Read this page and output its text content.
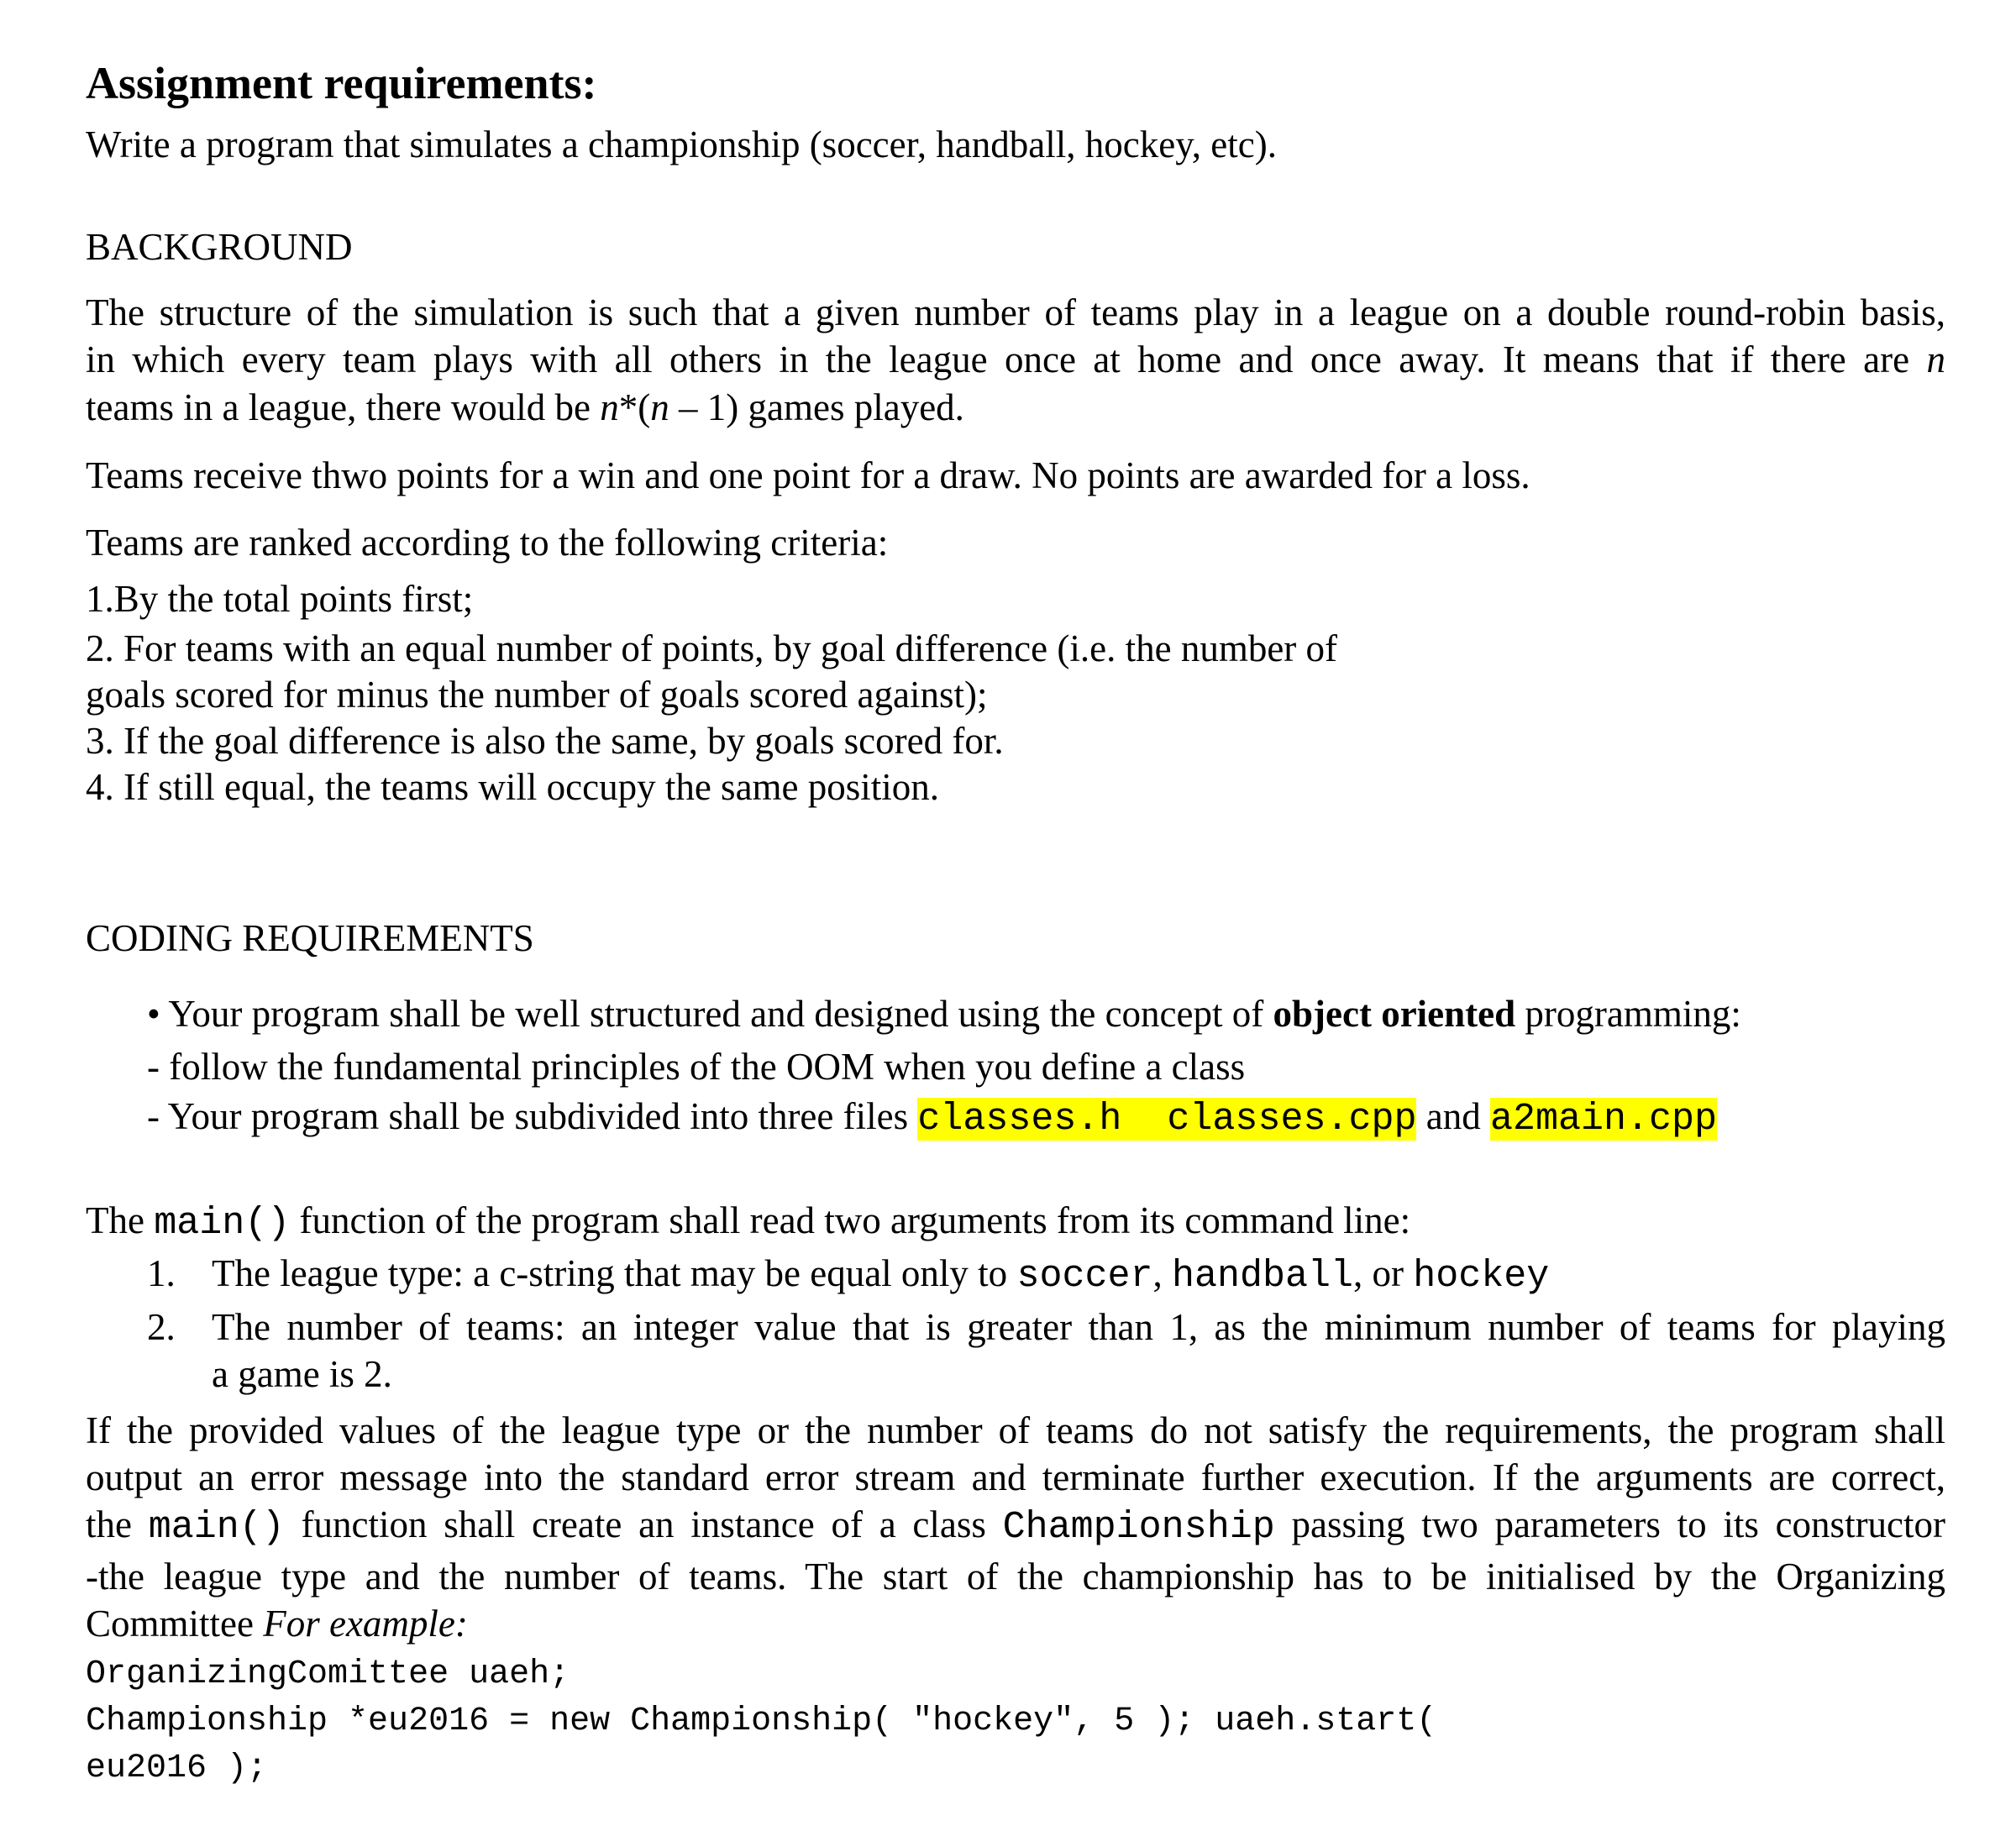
Assignment requirements:
Write a program that simulates a championship (soccer, handball, hockey, etc).
BACKGROUND
The structure of the simulation is such that a given number of teams play in a league on a double round-robin basis,
in which every team plays with all others in the league once at home and once away. It means that if there are n
teams in a league, there would be n*(n – 1) games played.
Teams receive thwo points for a win and one point for a draw. No points are awarded for a loss.
Teams are ranked according to the following criteria:
1.By the total points first;
2. For teams with an equal number of points, by goal difference (i.e. the number of
goals scored for minus the number of goals scored against);
3. If the goal difference is also the same, by goals scored for.
4. If still equal, the teams will occupy the same position.
CODING REQUIREMENTS
• Your program shall be well structured and designed using the concept of object oriented programming:
- follow the fundamental principles of the OOM when you define a class
- Your program shall be subdivided into three files classes.h classes.cpp and a2main.cpp
The main() function of the program shall read two arguments from its command line:
1. The league type: a c-string that may be equal only to soccer, handball, or hockey
2. The number of teams: an integer value that is greater than 1, as the minimum number of teams for playing
a game is 2.
If the provided values of the league type or the number of teams do not satisfy the requirements, the program shall
output an error message into the standard error stream and terminate further execution. If the arguments are correct,
the main() function shall create an instance of a class Championship passing two parameters to its constructor
-the league type and the number of teams. The start of the championship has to be initialised by the Organizing
Committee For example:
OrganizingComittee uaeh;
Championship *eu2016 = new Championship( "hockey", 5 ); uaeh.start(
eu2016 );
